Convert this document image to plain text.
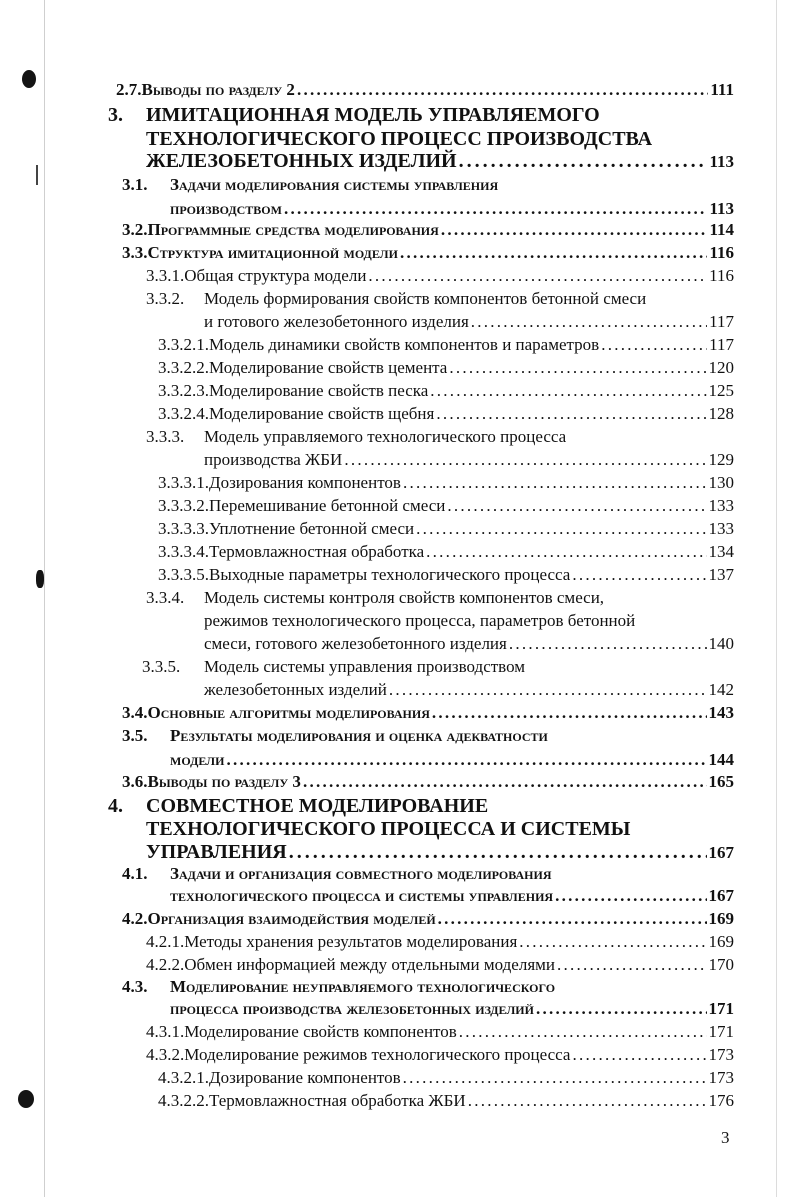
2.7. Выводы по разделу 2 . . .	111
3. ИМИТАЦИОННАЯ МОДЕЛЬ УПРАВЛЯЕМОГО
ТЕХНОЛОГИЧЕСКОГО ПРОЦЕСС ПРОИЗВОДСТВА
ЖЕЛЕЗОБЕТОННЫХ ИЗДЕЛИЙ . . .	113
3.1. Задачи моделирования системы управления
производством . . .	113
3.2. Программные средства моделирования . . .	114
3.3. Структура имитационной модели . . .	116
3.3.1. Общая структура модели . . .	116
3.3.2. Модель формирования свойств компонентов бетонной смеси
и готового железобетонного изделия . . .	117
3.3.2.1. Модель динамики свойств компонентов и параметров . . .	117
3.3.2.2. Моделирование свойств цемента . . .	120
3.3.2.3. Моделирование свойств песка . . .	125
3.3.2.4. Моделирование свойств щебня . . .	128
3.3.3. Модель управляемого технологического процесса
производства ЖБИ . . .	129
3.3.3.1. Дозирования компонентов . . .	130
3.3.3.2. Перемешивание бетонной смеси . . .	133
3.3.3.3. Уплотнение бетонной смеси . . .	133
3.3.3.4. Термовлажностная обработка . . .	134
3.3.3.5. Выходные параметры технологического процесса . . .	137
3.3.4. Модель системы контроля свойств компонентов смеси,
режимов технологического процесса, параметров бетонной
смеси, готового железобетонного изделия . . .	140
3.3.5. Модель системы управления производством
железобетонных изделий . . .	142
3.4. Основные алгоритмы моделирования . . .	143
3.5. Результаты моделирования и оценка адекватности
модели . . .	144
3.6. Выводы по разделу 3 . . .	165
4. СОВМЕСТНОЕ МОДЕЛИРОВАНИЕ
ТЕХНОЛОГИЧЕСКОГО ПРОЦЕССА И СИСТЕМЫ
УПРАВЛЕНИЯ . . .	167
4.1. Задачи и организация совместного моделирования
технологического процесса и системы управления . . .	167
4.2. Организация взаимодействия моделей . . .	169
4.2.1. Методы хранения результатов моделирования . . .	169
4.2.2. Обмен информацией между отдельными моделями . . .	170
4.3. Моделирование неуправляемого технологического
процесса производства железобетонных изделий . . .	171
4.3.1. Моделирование свойств компонентов . . .	171
4.3.2. Моделирование режимов технологического процесса . . .	173
4.3.2.1. Дозирование компонентов . . .	173
4.3.2.2. Термовлажностная обработка ЖБИ . . .	176
3
